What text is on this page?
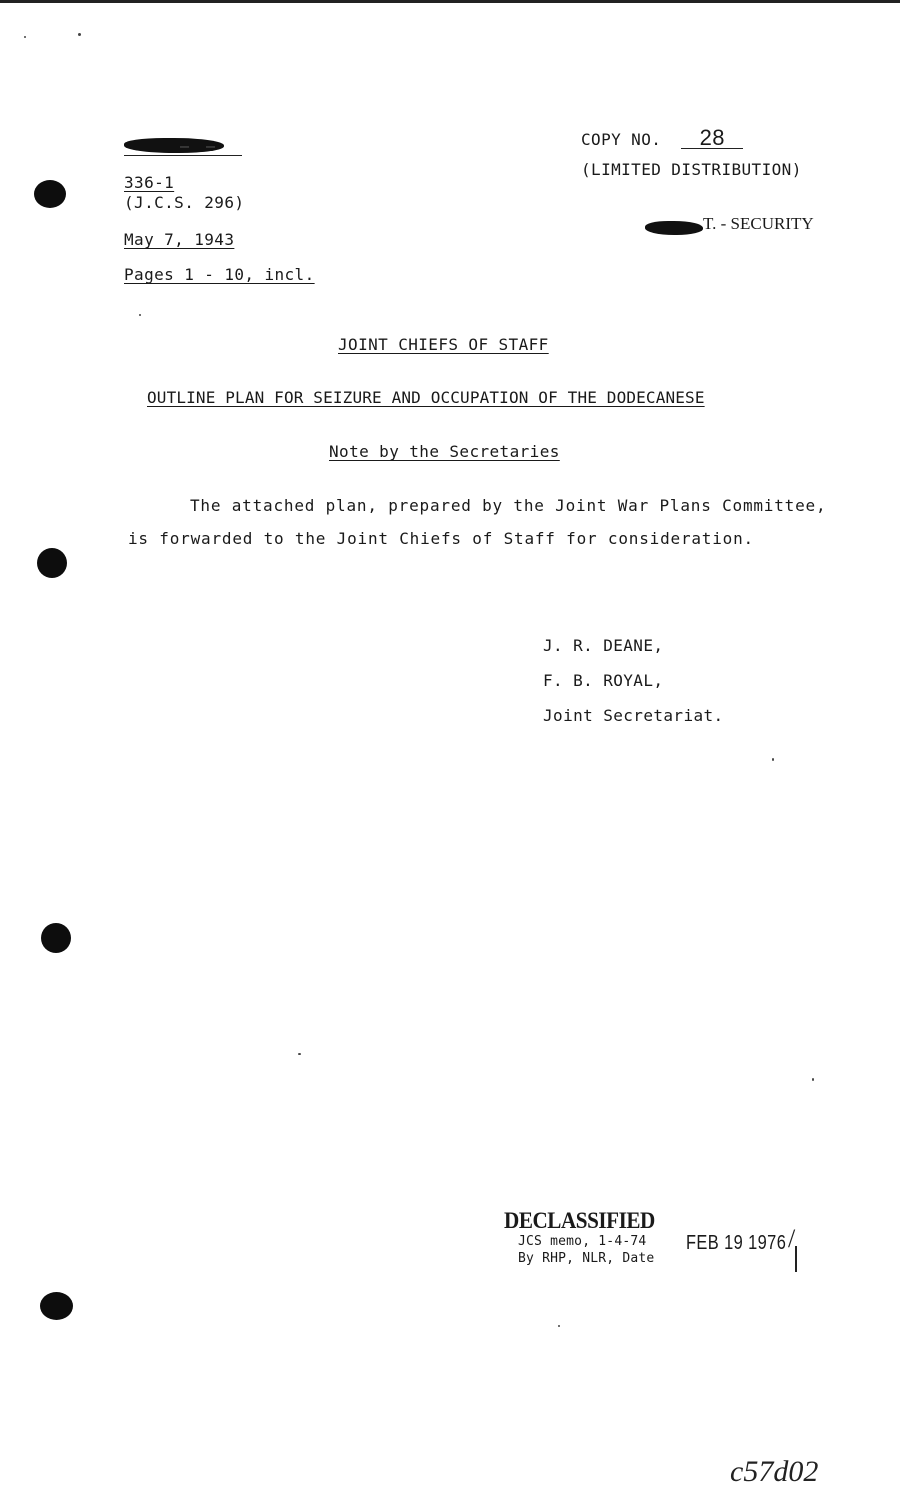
— —
336-1
(J.C.S. 296)
May 7, 1943
Pages 1 - 10, incl.
COPY NO. 28
(LIMITED DISTRIBUTION)
T. - SECURITY
JOINT CHIEFS OF STAFF
OUTLINE PLAN FOR SEIZURE AND OCCUPATION OF THE DODECANESE
Note by the Secretaries
The attached plan, prepared by the Joint War Plans Committee,
is forwarded to the Joint Chiefs of Staff for consideration.
J. R. DEANE,
F. B. ROYAL,
Joint Secretariat.
DECLASSIFIED
JCS memo, 1-4-74
By RHP, NLR, Date
FEB 19 1976 /
c57d02
